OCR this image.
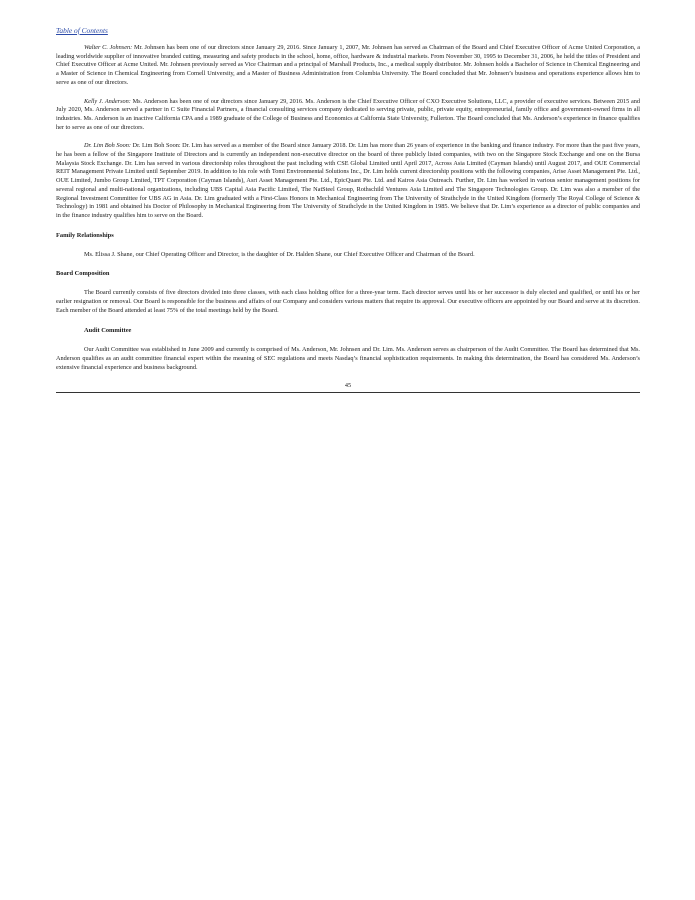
Table of Contents

Walter C. Johnsen: Mr. Johnsen has been one of our directors since January 29, 2016. Since January 1, 2007, Mr. Johnsen has served as Chairman of the Board and Chief Executive Officer of Acme United Corporation, a leading worldwide supplier of innovative branded cutting, measuring and safety products in the school, home, office, hardware & industrial markets. From November 30, 1995 to December 31, 2006, he held the titles of President and Chief Executive Officer at Acme United. Mr. Johnsen previously served as Vice Chairman and a principal of Marshall Products, Inc., a medical supply distributor. Mr. Johnsen holds a Bachelor of Science in Chemical Engineering and a Master of Science in Chemical Engineering from Cornell University, and a Master of Business Administration from Columbia University. The Board concluded that Mr. Johnsen’s business and operations experience allows him to serve as one of our directors.

Kelly J. Anderson: Ms. Anderson has been one of our directors since January 29, 2016. Ms. Anderson is the Chief Executive Officer of CXO Executive Solutions, LLC, a provider of executive services. Between 2015 and July 2020, Ms. Anderson served a partner in C Suite Financial Partners, a financial consulting services company dedicated to serving private, public, private equity, entrepreneurial, family office and government-owned firms in all industries. Ms. Anderson is an inactive California CPA and a 1989 graduate of the College of Business and Economics at California State University, Fullerton. The Board concluded that Ms. Anderson’s experience in finance qualifies her to serve as one of our directors.

Dr. Lim Boh Soon: Dr. Lim Boh Soon: Dr. Lim has served as a member of the Board since January 2018. Dr. Lim has more than 26 years of experience in the banking and finance industry. For more than the past five years, he has been a fellow of the Singapore Institute of Directors and is currently an independent non-executive director on the board of three publicly listed companies, with two on the Singapore Stock Exchange and one on the Bursa Malaysia Stock Exchange. Dr. Lim has served in various directorship roles throughout the past including with CSE Global Limited until April 2017, Across Asia Limited (Cayman Islands) until August 2017, and OUE Commercial REIT Management Private Limited until September 2019. In addition to his role with Tomi Environmental Solutions Inc., Dr. Lim holds current directorship positions with the following companies, Arise Asset Management Pte. Ltd., OUE Limited, Jumbo Group Limited, TPT Corporation (Cayman Islands), Asri Asset Management Pte. Ltd., EpicQuant Pte. Ltd. and Kairos Asia Outreach. Further, Dr. Lim has worked in various senior management positions for several regional and multi-national organizations, including UBS Capital Asia Pacific Limited, The NatSteel Group, Rothschild Ventures Asia Limited and The Singapore Technologies Group. Dr. Lim was also a member of the Regional Investment Committee for UBS AG in Asia. Dr. Lim graduated with a First-Class Honors in Mechanical Engineering from The University of Strathclyde in the United Kingdom (formerly The Royal College of Science & Technology) in 1981 and obtained his Doctor of Philosophy in Mechanical Engineering from The University of Strathclyde in the United Kingdom in 1985. We believe that Dr. Lim’s experience as a director of public companies and in the finance industry qualifies him to serve on the Board.

Family Relationships

Ms. Elissa J. Shane, our Chief Operating Officer and Director, is the daughter of Dr. Halden Shane, our Chief Executive Officer and Chairman of the Board.

Board Composition

The Board currently consists of five directors divided into three classes, with each class holding office for a three-year term. Each director serves until his or her successor is duly elected and qualified, or until his or her earlier resignation or removal. Our Board is responsible for the business and affairs of our Company and considers various matters that require its approval. Our executive officers are appointed by our Board and serve at its discretion. Each member of the Board attended at least 75% of the total meetings held by the Board.

Audit Committee

Our Audit Committee was established in June 2009 and currently is comprised of Ms. Anderson, Mr. Johnsen and Dr. Lim. Ms. Anderson serves as chairperson of the Audit Committee. The Board has determined that Ms. Anderson qualifies as an audit committee financial expert within the meaning of SEC regulations and meets Nasdaq’s financial sophistication requirements. In making this determination, the Board has considered Ms. Anderson’s extensive financial experience and business background.

45
